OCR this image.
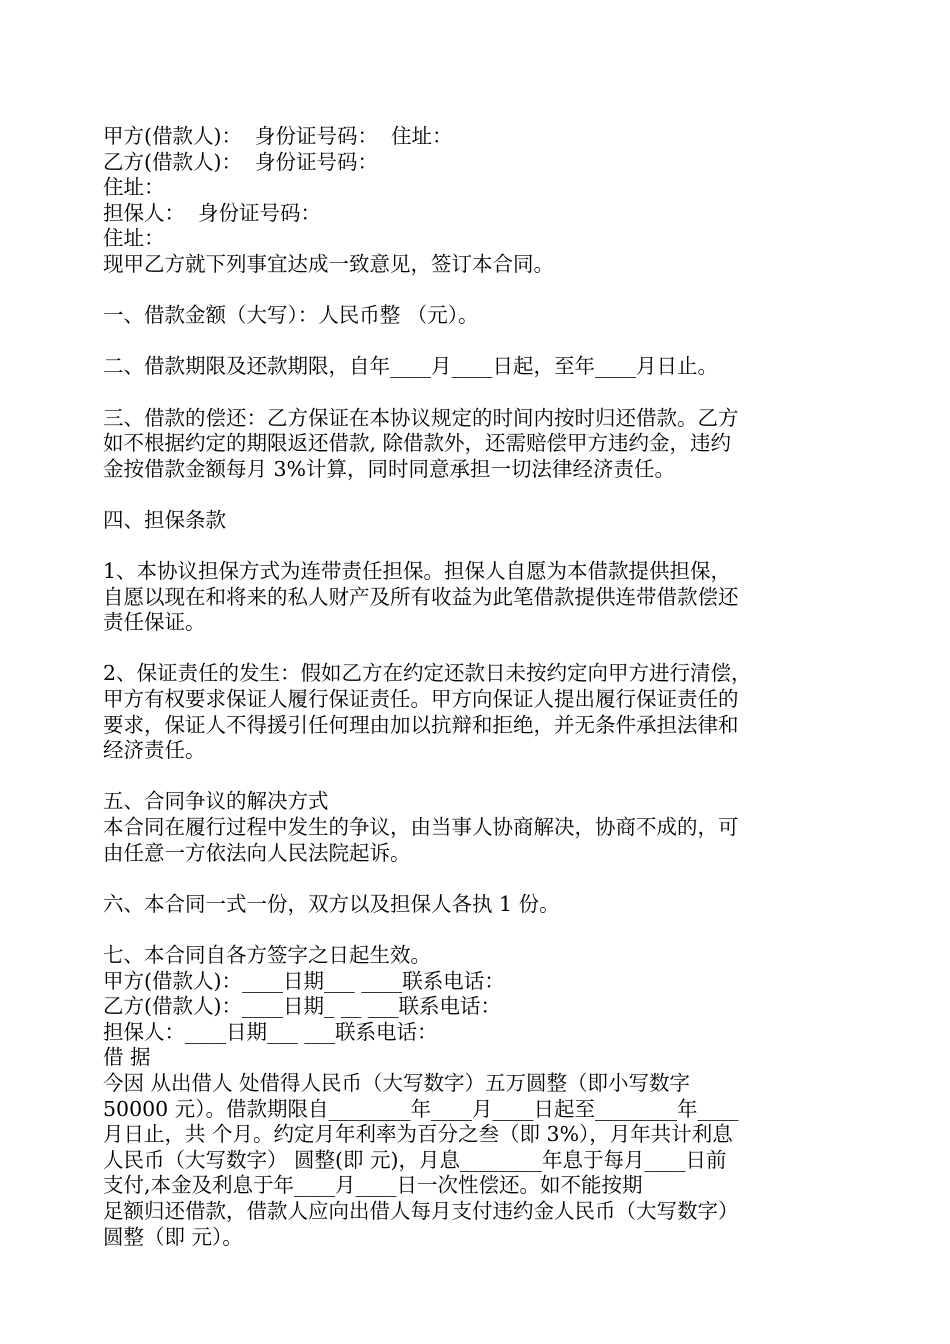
甲方(借款人)：  身份证号码：  住址：
乙方(借款人)：  身份证号码：
住址：
担保人：  身份证号码：
住址：
现甲乙方就下列事宜达成一致意见，签订本合同。
一、借款金额（大写）：人民币整 （元）。
二、借款期限及还款期限，自年____月____日起，至年____月日止。
三、借款的偿还：乙方保证在本协议规定的时间内按时归还借款。乙方
如不根据约定的期限返还借款, 除借款外，还需赔偿甲方违约金，违约
金按借款金额每月 3%计算，同时同意承担一切法律经济责任。
四、担保条款
1、本协议担保方式为连带责任担保。担保人自愿为本借款提供担保，
自愿以现在和将来的私人财产及所有收益为此笔借款提供连带借款偿还
责任保证。
2、保证责任的发生：假如乙方在约定还款日未按约定向甲方进行清偿，
甲方有权要求保证人履行保证责任。甲方向保证人提出履行保证责任的
要求，保证人不得援引任何理由加以抗辩和拒绝，并无条件承担法律和
经济责任。
五、合同争议的解决方式
本合同在履行过程中发生的争议，由当事人协商解决，协商不成的，可
由任意一方依法向人民法院起诉。
六、本合同一式一份，双方以及担保人各执 1 份。
七、本合同自各方签字之日起生效。
甲方(借款人)：____日期___ ____联系电话：
乙方(借款人)：____日期_ __ ___联系电话：
担保人：____日期___ ___联系电话：
借 据
今因 从出借人 处借得人民币（大写数字）五万圆整（即小写数字
50000 元）。借款期限自________年____月____日起至________年____
月日止，共 个月。约定月年利率为百分之叁（即 3%），月年共计利息
人民币（大写数字） 圆整(即 元)，月息________年息于每月____日前
支付,本金及利息于年____月____日一次性偿还。如不能按期
足额归还借款，借款人应向出借人每月支付违约金人民币（大写数字）
圆整（即 元）。
